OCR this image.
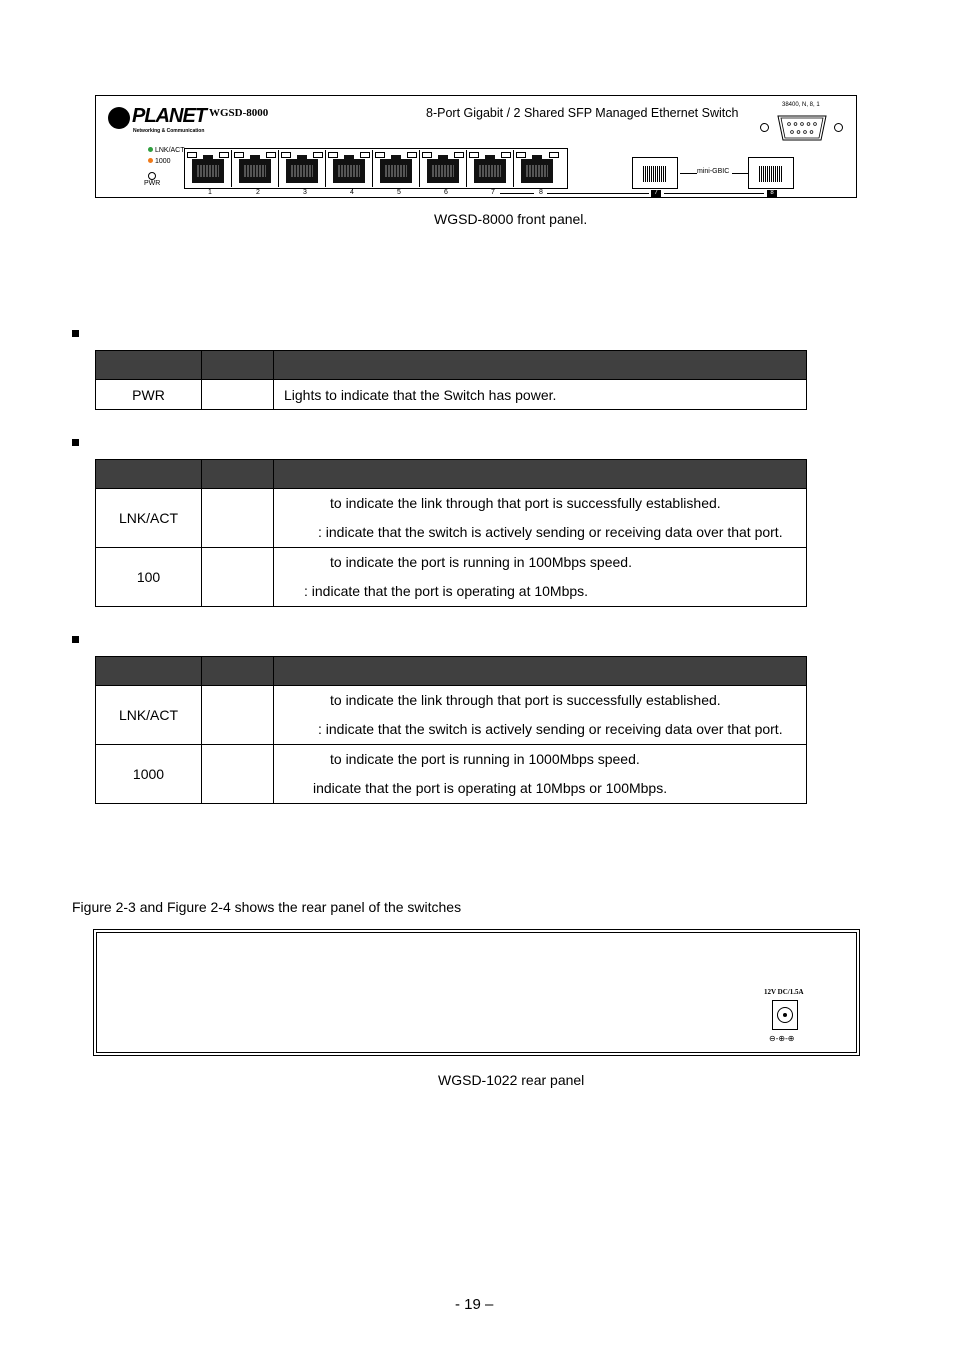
PLANET
Networking & Communication
WGSD-8000	8-Port Gigabit / 2 Shared SFP Managed Ethernet Switch
38400, N, 8, 1
LNK/ACT
1000
PWR
1	2	3	4	5	6	7	8
mini-GBIC
7	8
WGSD-8000 front panel.

PWR		Lights to indicate that the Switch has power.

LNK/ACT		to indicate the link through that port is successfully established.
: indicate that the switch is actively sending or receiving data over that port.

100		to indicate the port is running in 100Mbps speed.
: indicate that the port is operating at 10Mbps.

LNK/ACT		to indicate the link through that port is successfully established.
: indicate that the switch is actively sending or receiving data over that port.

1000		to indicate the port is running in 1000Mbps speed.
indicate that the port is operating at 10Mbps or 100Mbps.
Figure 2-3 and Figure 2-4 shows the rear panel of the switches
12V DC/1.5A
⊖-⊕-⊕
WGSD-1022 rear panel
- 19 –
